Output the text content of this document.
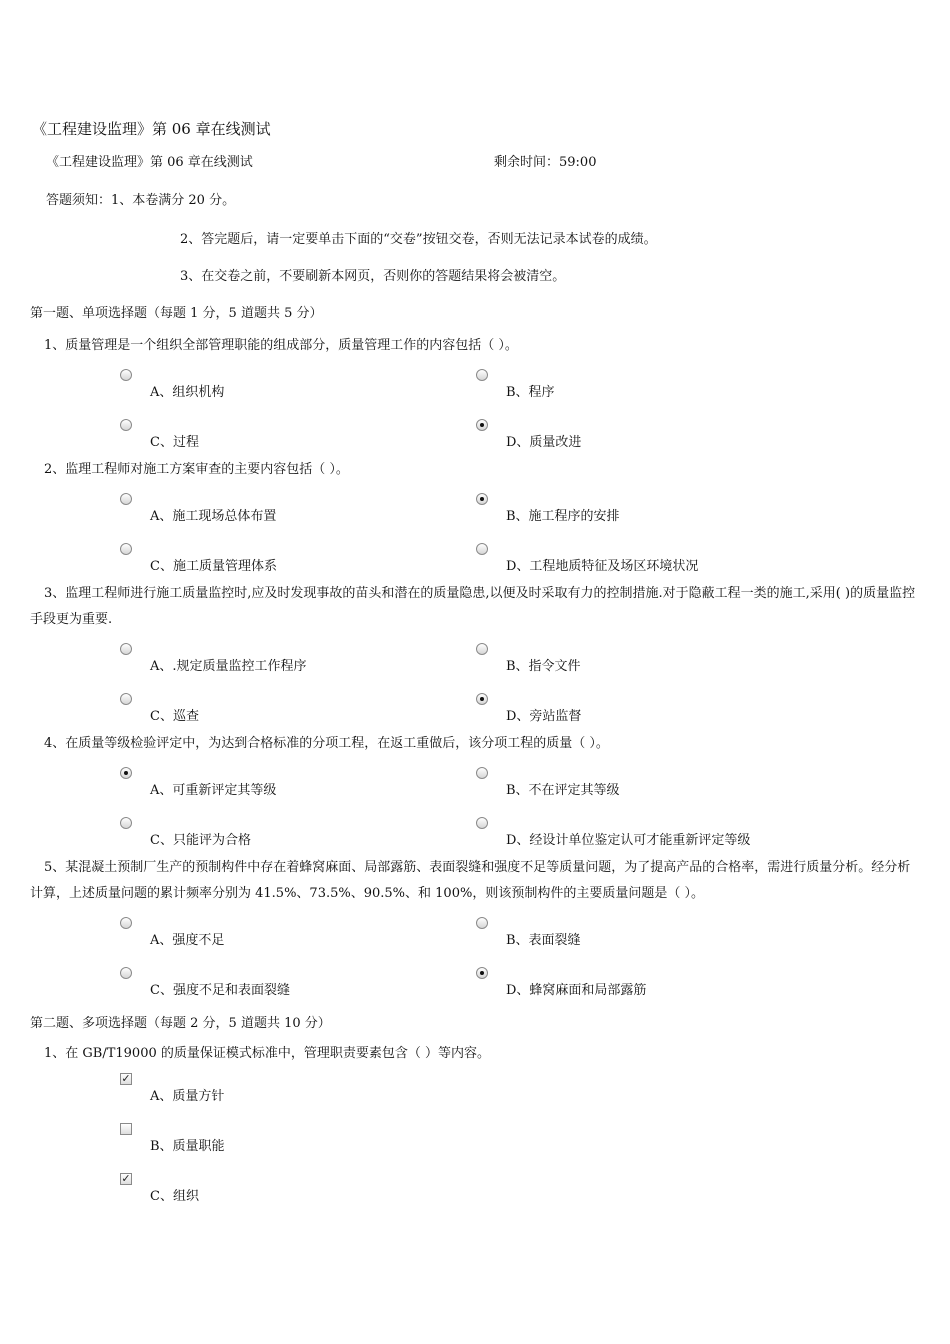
《工程建设监理》第 06 章在线测试
《工程建设监理》第 06 章在线测试	剩余时间：59:00
答题须知：1、本卷满分 20 分。
2、答完题后，请一定要单击下面的“交卷”按钮交卷，否则无法记录本试卷的成绩。
3、在交卷之前，不要刷新本网页，否则你的答题结果将会被清空。
第一题、单项选择题（每题 1 分，5 道题共 5 分）
1、质量管理是一个组织全部管理职能的组成部分，质量管理工作的内容包括（ ）。
A、组织机构	B、程序
C、过程	D、质量改进
2、监理工程师对施工方案审查的主要内容包括（ ）。
A、施工现场总体布置	B、施工程序的安排
C、施工质量管理体系	D、工程地质特征及场区环境状况
3、监理工程师进行施工质量监控时,应及时发现事故的苗头和潜在的质量隐患,以便及时采取有力的控制措施.对于隐蔽工程一类的施工,采用( )的质量监控手段更为重要.
A、.规定质量监控工作程序	B、指令文件
C、巡查	D、旁站监督
4、在质量等级检验评定中，为达到合格标准的分项工程，在返工重做后，该分项工程的质量（ ）。
A、可重新评定其等级	B、不在评定其等级
C、只能评为合格	D、经设计单位鉴定认可才能重新评定等级
5、某混凝土预制厂生产的预制构件中存在着蜂窝麻面、局部露筋、表面裂缝和强度不足等质量问题，为了提高产品的合格率，需进行质量分析。经分析计算，上述质量问题的累计频率分别为 41.5%、73.5%、90.5%、和 100%，则该预制构件的主要质量问题是（ ）。
A、强度不足	B、表面裂缝
C、强度不足和表面裂缝	D、蜂窝麻面和局部露筋
第二题、多项选择题（每题 2 分，5 道题共 10 分）
1、在 GB/T19000 的质量保证模式标准中，管理职责要素包含（ ）等内容。
✓
A、质量方针
B、质量职能
✓
C、组织
